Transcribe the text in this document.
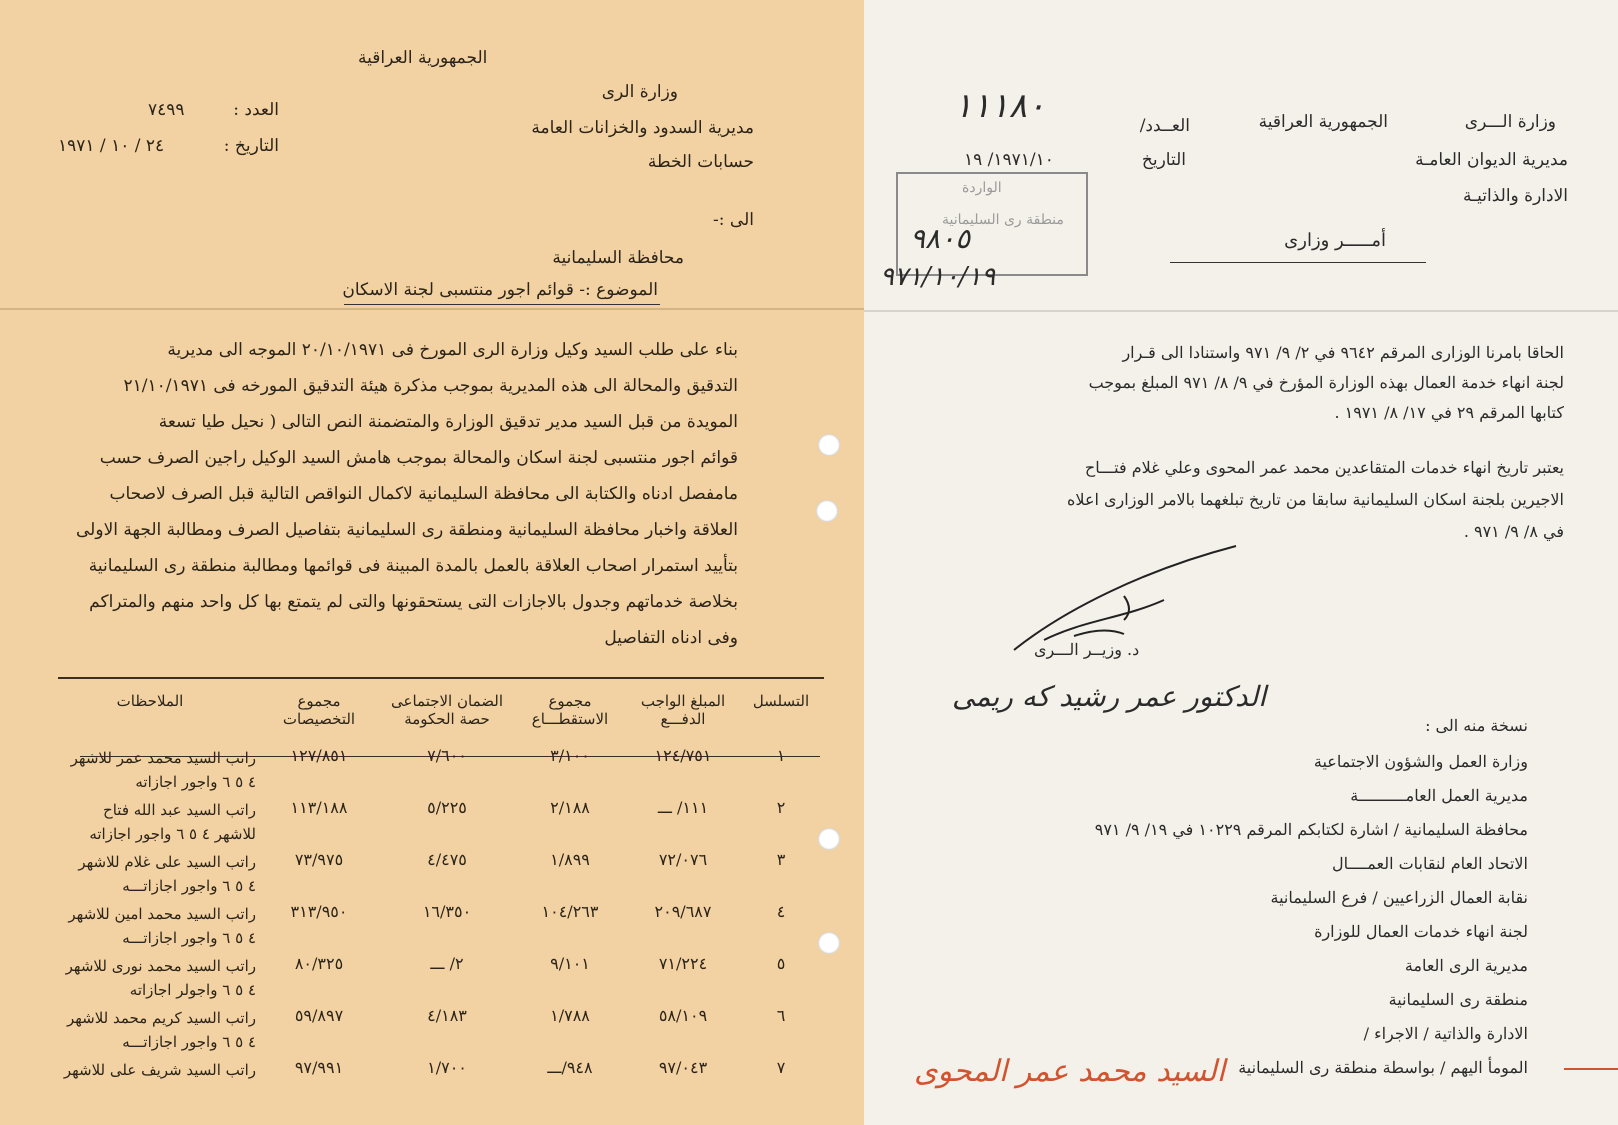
الجمهورية العراقية
وزارة الرى
مديرية السدود والخزانات العامة
حسابات الخطة
العدد :
٧٤٩٩
التاريخ :
٢٤ / ١٠ / ١٩٧١
الى :-
محافظة السليمانية
الموضوع :- قوائم اجور منتسبى لجنة الاسكان
بناء على طلب السيد وكيل وزارة الرى المورخ فى ٢٠/١٠/١٩٧١ الموجه الى مديرية
التدقيق والمحالة الى هذه المديرية بموجب مذكرة هيئة التدقيق المورخه فى ٢١/١٠/١٩٧١
المويدة من قبل السيد مدير تدقيق الوزارة والمتضمنة النص التالى ( نحيل طيا تسعة
قوائم اجور منتسبى لجنة اسكان والمحالة بموجب هامش السيد الوكيل راجين الصرف حسب
مامفصل ادناه والكتابة الى محافظة السليمانية لاكمال النواقص التالية قبل الصرف لاصحاب
العلاقة واخبار محافظة السليمانية ومنطقة رى السليمانية بتفاصيل الصرف ومطالبة الجهة الاولى
بتأييد استمرار اصحاب العلاقة بالعمل بالمدة المبينة فى قوائمها ومطالبة منطقة رى السليمانية
بخلاصة خدماتهم وجدول بالاجازات التى يستحقونها والتى لم يتمتع بها كل واحد منهم والمتراكم
وفى ادناه التفاصيل
التسلسل	المبلغ الواجب الدفـــع	مجموع الاستقطـــاع	الضمان الاجتماعى حصة الحكومة	مجموع التخصيصات	الملاحظات
١	١٢٤/٧٥١	٣/١٠٠	٧/٦٠٠	١٢٧/٨٥١	راتب السيد محمد عمر للاشهر
٤ ٥ ٦ واجور اجازاته

٢	١١١/ ـــ	٢/١٨٨	٥/٢٢٥	١١٣/١٨٨	راتب السيد عبد الله فتاح
للاشهر ٤ ٥ ٦ واجور اجازاته

٣	٧٢/٠٧٦	١/٨٩٩	٤/٤٧٥	٧٣/٩٧٥	راتب السيد على غلام للاشهر
٤ ٥ ٦ واجور اجازاتـــه

٤	٢٠٩/٦٨٧	١٠٤/٢٦٣	١٦/٣٥٠	٣١٣/٩٥٠	راتب السيد محمد امين للاشهر
٤ ٥ ٦ واجور اجازاتـــه

٥	٧١/٢٢٤	٩/١٠١	٢/ ـــ	٨٠/٣٢٥	راتب السيد محمد نورى للاشهر
٤ ٥ ٦ واجولر اجازاته

٦	٥٨/١٠٩	١/٧٨٨	٤/١٨٣	٥٩/٨٩٧	راتب السيد كريم محمد للاشهر
٤ ٥ ٦ واجور اجازاتـــه

٧	٩٧/٠٤٣	٩٤٨/ـــ	١/٧٠٠	٩٧/٩٩١	راتب السيد شريف على للاشهر
وزارة الـــرى
الجمهورية العراقية
العــدد/
١١١٨٠
مديرية الديوان العامـة
التاريخ
١٩٧١/١٠/ ١٩
الادارة والذاتيـة
الواردة
منطقة رى السليمانية
٩٨٠٥
٩٧١/١٠/١٩
أمـــــر وزارى
الحاقا بامرنا الوزارى المرقم ٩٦٤٢ في ٢/ ٩/ ٩٧١ واستنادا الى قـرار
لجنة انهاء خدمة العمال بهذه الوزارة المؤرخ في ٩/ ٨/ ٩٧١ المبلغ بموجب
كتابها المرقم ٢٩ في ١٧/ ٨/ ١٩٧١ .
يعتبر تاريخ انهاء خدمات المتقاعدين محمد عمر المحوى وعلي غلام فتـــاح
الاجيرين بلجنة اسكان السليمانية سابقا من تاريخ تبلغهما بالامر الوزارى اعلاه
في ٨/ ٩/ ٩٧١ .
د. وزيــر الـــرى
الدكتور عمر رشيد كه ريمى
نسخة منه الى :
وزارة العمل والشؤون الاجتماعية
مديرية العمل العامــــــــــة
محافظة السليمانية / اشارة لكتابكم المرقم ١٠٢٢٩ في ١٩/ ٩/ ٩٧١
الاتحاد العام لنقابات العمــــال
نقابة العمال الزراعيين / فرع السليمانية
لجنة انهاء خدمات العمال للوزارة
مديرية الرى العامة
منطقة رى السليمانية
الادارة والذاتية / الاجراء /
المومأ اليهم / بواسطة منطقة رى السليمانية
السيد محمد عمر المحوى
